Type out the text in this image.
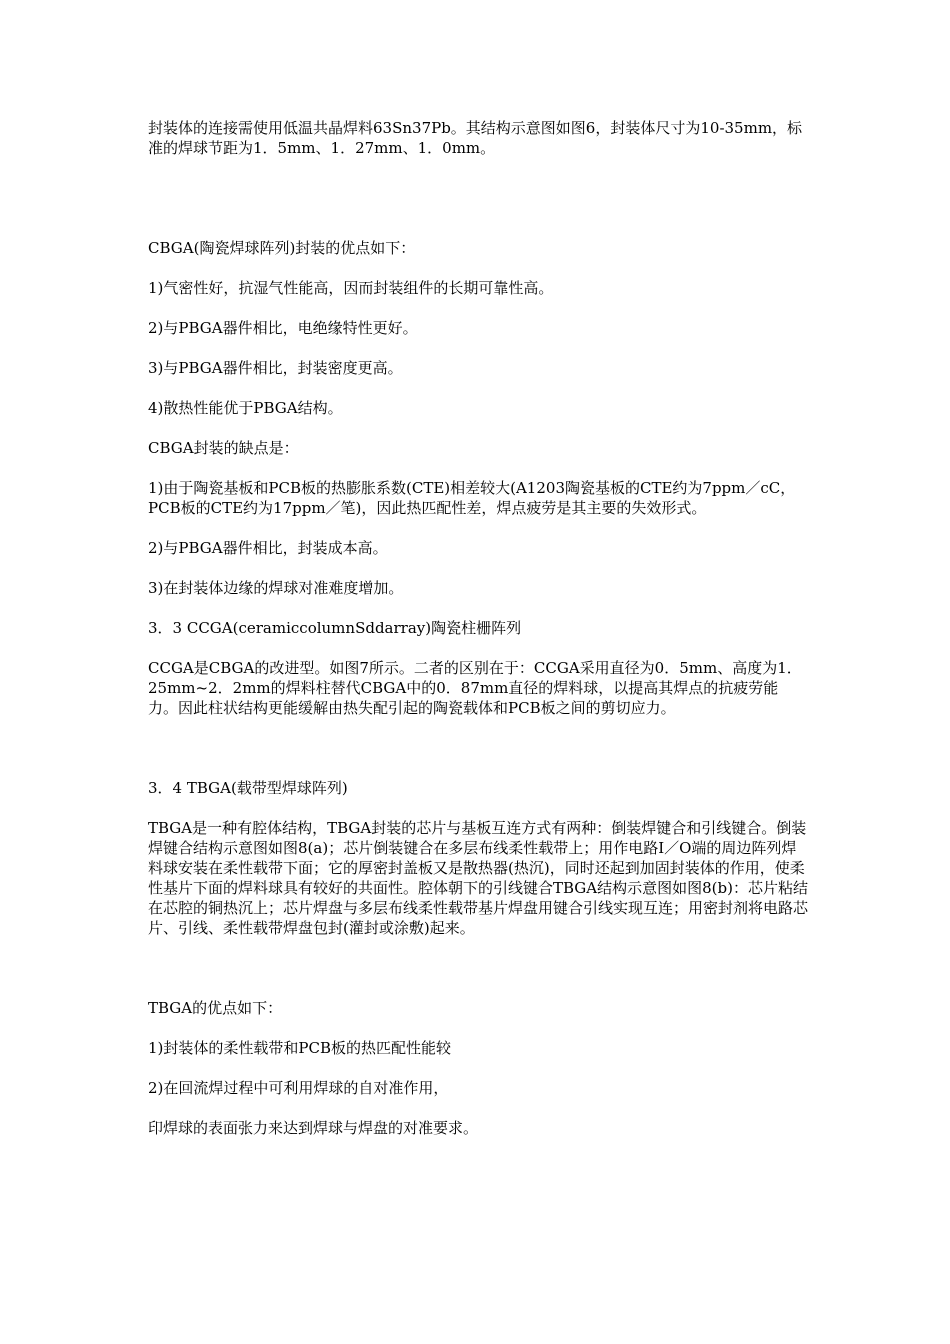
封装体的连接需使用低温共晶焊料63Sn37Pb。其结构示意图如图6，封装体尺寸为10-35mm，标准的焊球节距为1．5mm、1．27mm、1．0mm。

CBGA(陶瓷焊球阵列)封装的优点如下：

1)气密性好，抗湿气性能高，因而封装组件的长期可靠性高。

2)与PBGA器件相比，电绝缘特性更好。

3)与PBGA器件相比，封装密度更高。

4)散热性能优于PBGA结构。

CBGA封装的缺点是：

1)由于陶瓷基板和PCB板的热膨胀系数(CTE)相差较大(A1203陶瓷基板的CTE约为7ppm／cC，PCB板的CTE约为17ppm／笔)，因此热匹配性差，焊点疲劳是其主要的失效形式。

2)与PBGA器件相比，封装成本高。

3)在封装体边缘的焊球对准难度增加。

3．3 CCGA(ceramiccolumnSddarray)陶瓷柱栅阵列

CCGA是CBGA的改进型。如图7所示。二者的区别在于：CCGA采用直径为0．5mm、高度为1．25mm~2．2mm的焊料柱替代CBGA中的0．87mm直径的焊料球，以提高其焊点的抗疲劳能力。因此柱状结构更能缓解由热失配引起的陶瓷载体和PCB板之间的剪切应力。

3．4 TBGA(载带型焊球阵列)

TBGA是一种有腔体结构，TBGA封装的芯片与基板互连方式有两种：倒装焊键合和引线键合。倒装焊键合结构示意图如图8(a)；芯片倒装键合在多层布线柔性载带上；用作电路I／O端的周边阵列焊料球安装在柔性载带下面；它的厚密封盖板又是散热器(热沉)，同时还起到加固封装体的作用，使柔性基片下面的焊料球具有较好的共面性。腔体朝下的引线键合TBGA结构示意图如图8(b)：芯片粘结在芯腔的铜热沉上；芯片焊盘与多层布线柔性载带基片焊盘用键合引线实现互连；用密封剂将电路芯片、引线、柔性载带焊盘包封(灌封或涂敷)起来。

TBGA的优点如下：

1)封装体的柔性载带和PCB板的热匹配性能较

2)在回流焊过程中可利用焊球的自对准作用，

印焊球的表面张力来达到焊球与焊盘的对准要求。
